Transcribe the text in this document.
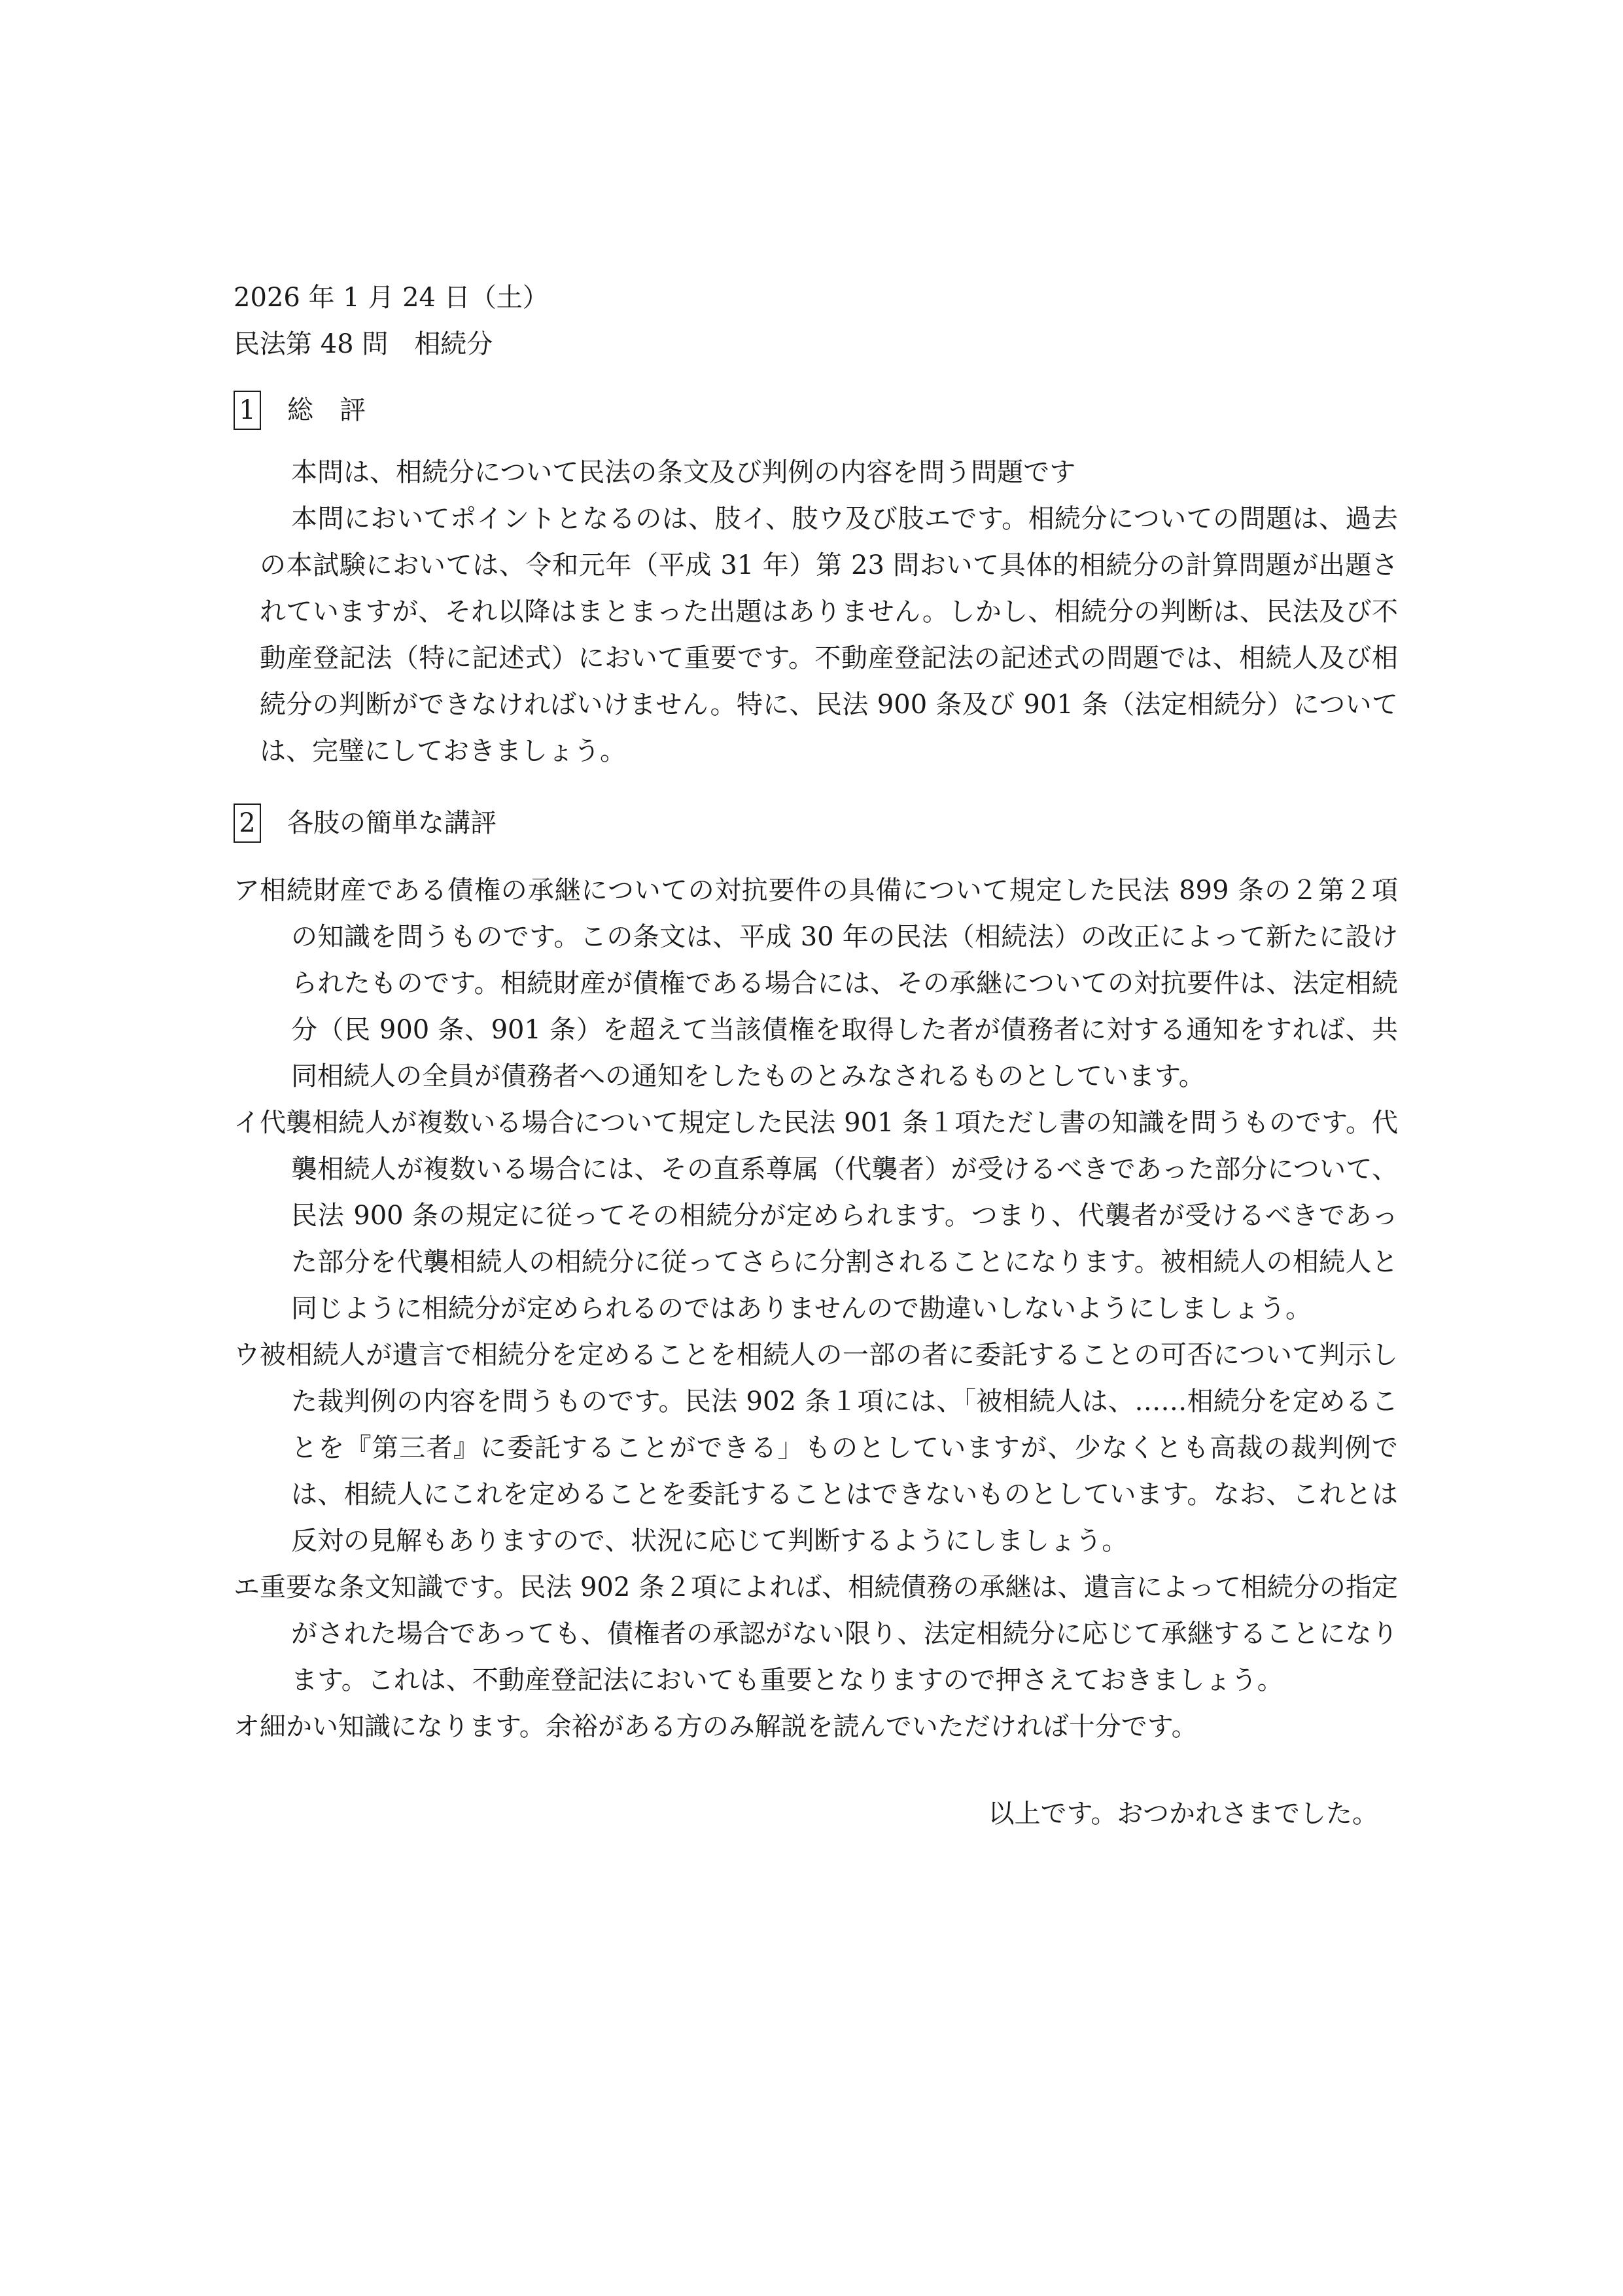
2026 年 1 月 24 日（土）
民法第 48 問　相続分
1 総　評

本問は、相続分について民法の条文及び判例の内容を問う問題です

本問においてポイントとなるのは、肢イ、肢ウ及び肢エです。相続分についての問題は、過去の本試験においては、令和元年（平成 31 年）第 23 問おいて具体的相続分の計算問題が出題されていますが、それ以降はまとまった出題はありません。しかし、相続分の判断は、民法及び不動産登記法（特に記述式）において重要です。不動産登記法の記述式の問題では、相続人及び相続分の判断ができなければいけません。特に、民法 900 条及び 901 条（法定相続分）については、完璧にしておきましょう。

2 各肢の簡単な講評
ア 相続財産である債権の承継についての対抗要件の具備について規定した民法 899 条の２第２項の知識を問うものです。この条文は、平成 30 年の民法（相続法）の改正によって新たに設けられたものです。相続財産が債権である場合には、その承継についての対抗要件は、法定相続分（民 900 条、901 条）を超えて当該債権を取得した者が債務者に対する通知をすれば、共同相続人の全員が債務者への通知をしたものとみなされるものとしています。
イ 代襲相続人が複数いる場合について規定した民法 901 条１項ただし書の知識を問うものです。代襲相続人が複数いる場合には、その直系尊属（代襲者）が受けるべきであった部分について、民法 900 条の規定に従ってその相続分が定められます。つまり、代襲者が受けるべきであった部分を代襲相続人の相続分に従ってさらに分割されることになります。被相続人の相続人と同じように相続分が定められるのではありませんので勘違いしないようにしましょう。
ウ 被相続人が遺言で相続分を定めることを相続人の一部の者に委託することの可否について判示した裁判例の内容を問うものです。民法 902 条１項には、「被相続人は、……相続分を定めることを『第三者』に委託することができる」ものとしていますが、少なくとも高裁の裁判例では、相続人にこれを定めることを委託することはできないものとしています。なお、これとは反対の見解もありますので、状況に応じて判断するようにしましょう。
エ 重要な条文知識です。民法 902 条２項によれば、相続債務の承継は、遺言によって相続分の指定がされた場合であっても、債権者の承認がない限り、法定相続分に応じて承継することになります。これは、不動産登記法においても重要となりますので押さえておきましょう。
オ 細かい知識になります。余裕がある方のみ解説を読んでいただければ十分です。
以上です。おつかれさまでした。
